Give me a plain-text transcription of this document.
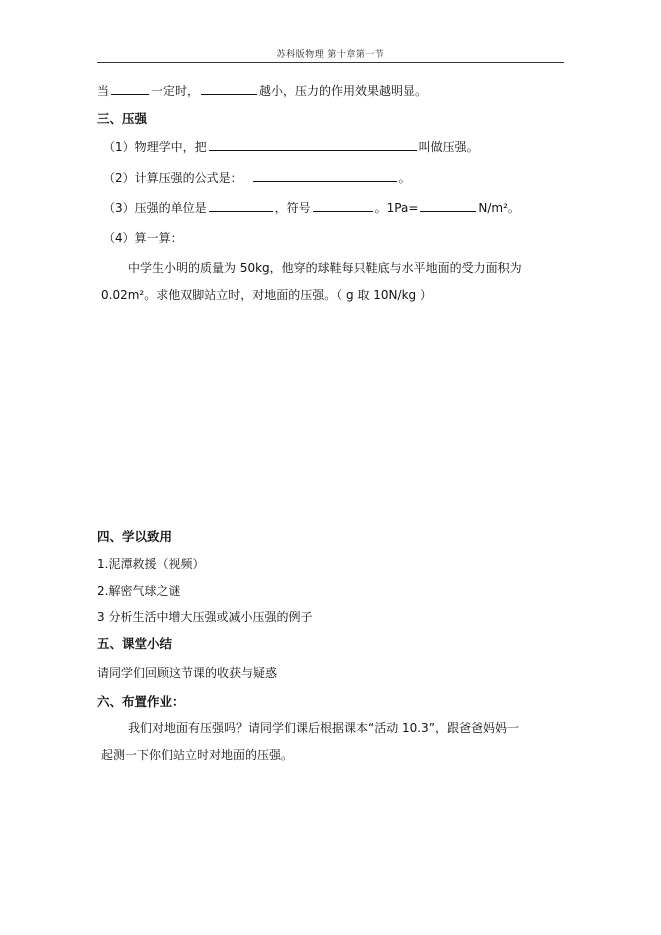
苏科版物理 第十章第一节
当	一定时，	越小，压力的作用效果越明显。
三、压强
（1）物理学中，把	叫做压强。
（2）计算压强的公式是：	。
（3）压强的单位是	，符号	。1Pa=	N/m²。
（4）算一算：
中学生小明的质量为 50kg，他穿的球鞋每只鞋底与水平地面的受力面积为
0.02m²。求他双脚站立时，对地面的压强。（ g 取 10N/kg ）
四、学以致用
1.泥潭救援（视频）
2.解密气球之谜
3 分析生活中增大压强或减小压强的例子
五、课堂小结
请同学们回顾这节课的收获与疑惑
六、布置作业：
我们对地面有压强吗？请同学们课后根据课本“活动 10.3”，跟爸爸妈妈一
起测一下你们站立时对地面的压强。
